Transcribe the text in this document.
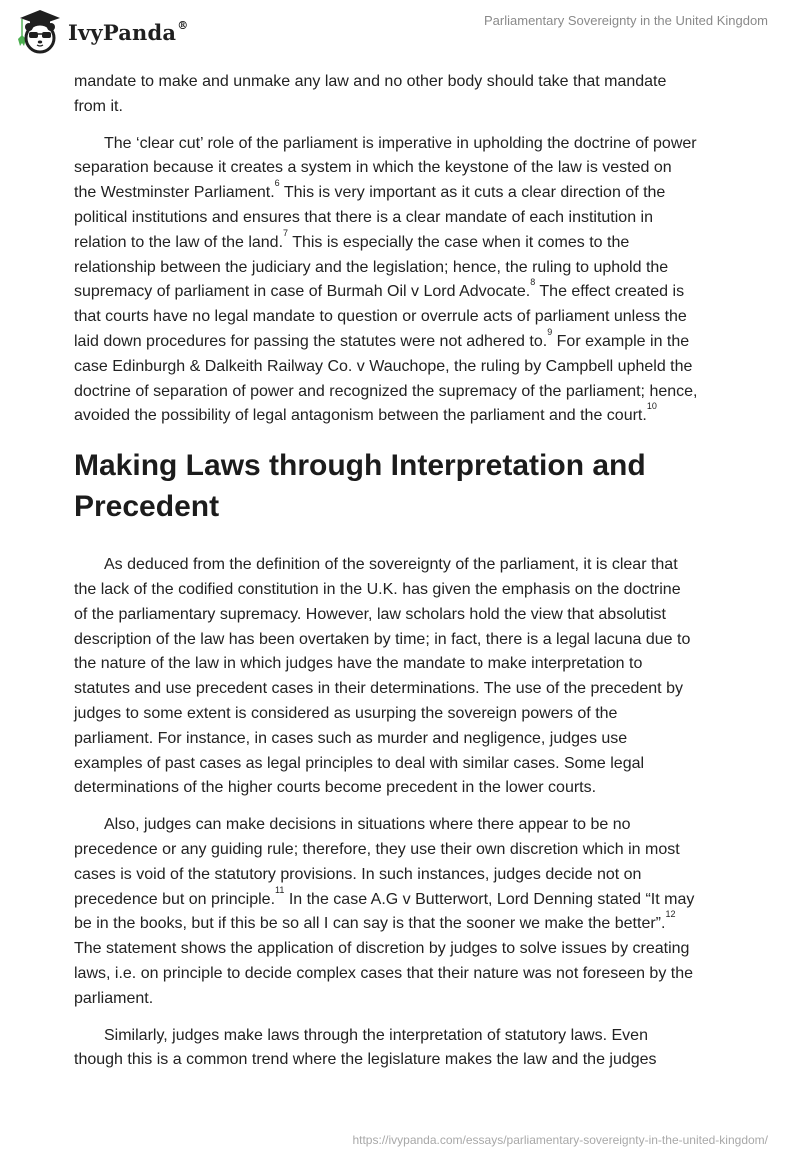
IvyPanda®	Parliamentary Sovereignty in the United Kingdom

mandate to make and unmake any law and no other body should take that mandate
from it.

The ‘clear cut’ role of the parliament is imperative in upholding the doctrine of power
separation because it creates a system in which the keystone of the law is vested on
the Westminster Parliament.$^6$ This is very important as it cuts a clear direction of the
political institutions and ensures that there is a clear mandate of each institution in
relation to the law of the land.$^7$ This is especially the case when it comes to the
relationship between the judiciary and the legislation; hence, the ruling to uphold the
supremacy of parliament in case of Burmah Oil v Lord Advocate.$^8$ The effect created is
that courts have no legal mandate to question or overrule acts of parliament unless the
laid down procedures for passing the statutes were not adhered to.$^9$ For example in the
case Edinburgh & Dalkeith Railway Co. v Wauchope, the ruling by Campbell upheld the
doctrine of separation of power and recognized the supremacy of the parliament; hence,
avoided the possibility of legal antagonism between the parliament and the court.$^{10}$

Making Laws through Interpretation and
Precedent

As deduced from the definition of the sovereignty of the parliament, it is clear that
the lack of the codified constitution in the U.K. has given the emphasis on the doctrine
of the parliamentary supremacy. However, law scholars hold the view that absolutist
description of the law has been overtaken by time; in fact, there is a legal lacuna due to
the nature of the law in which judges have the mandate to make interpretation to
statutes and use precedent cases in their determinations. The use of the precedent by
judges to some extent is considered as usurping the sovereign powers of the
parliament. For instance, in cases such as murder and negligence, judges use
examples of past cases as legal principles to deal with similar cases. Some legal
determinations of the higher courts become precedent in the lower courts.

Also, judges can make decisions in situations where there appear to be no
precedence or any guiding rule; therefore, they use their own discretion which in most
cases is void of the statutory provisions. In such instances, judges decide not on
precedence but on principle.$^{11}$ In the case A.G v Butterwort, Lord Denning stated “It may
be in the books, but if this be so all I can say is that the sooner we make the better”.$^{12}$
The statement shows the application of discretion by judges to solve issues by creating
laws, i.e. on principle to decide complex cases that their nature was not foreseen by the
parliament.

Similarly, judges make laws through the interpretation of statutory laws. Even
though this is a common trend where the legislature makes the law and the judges

https://ivypanda.com/essays/parliamentary-sovereignty-in-the-united-kingdom/
